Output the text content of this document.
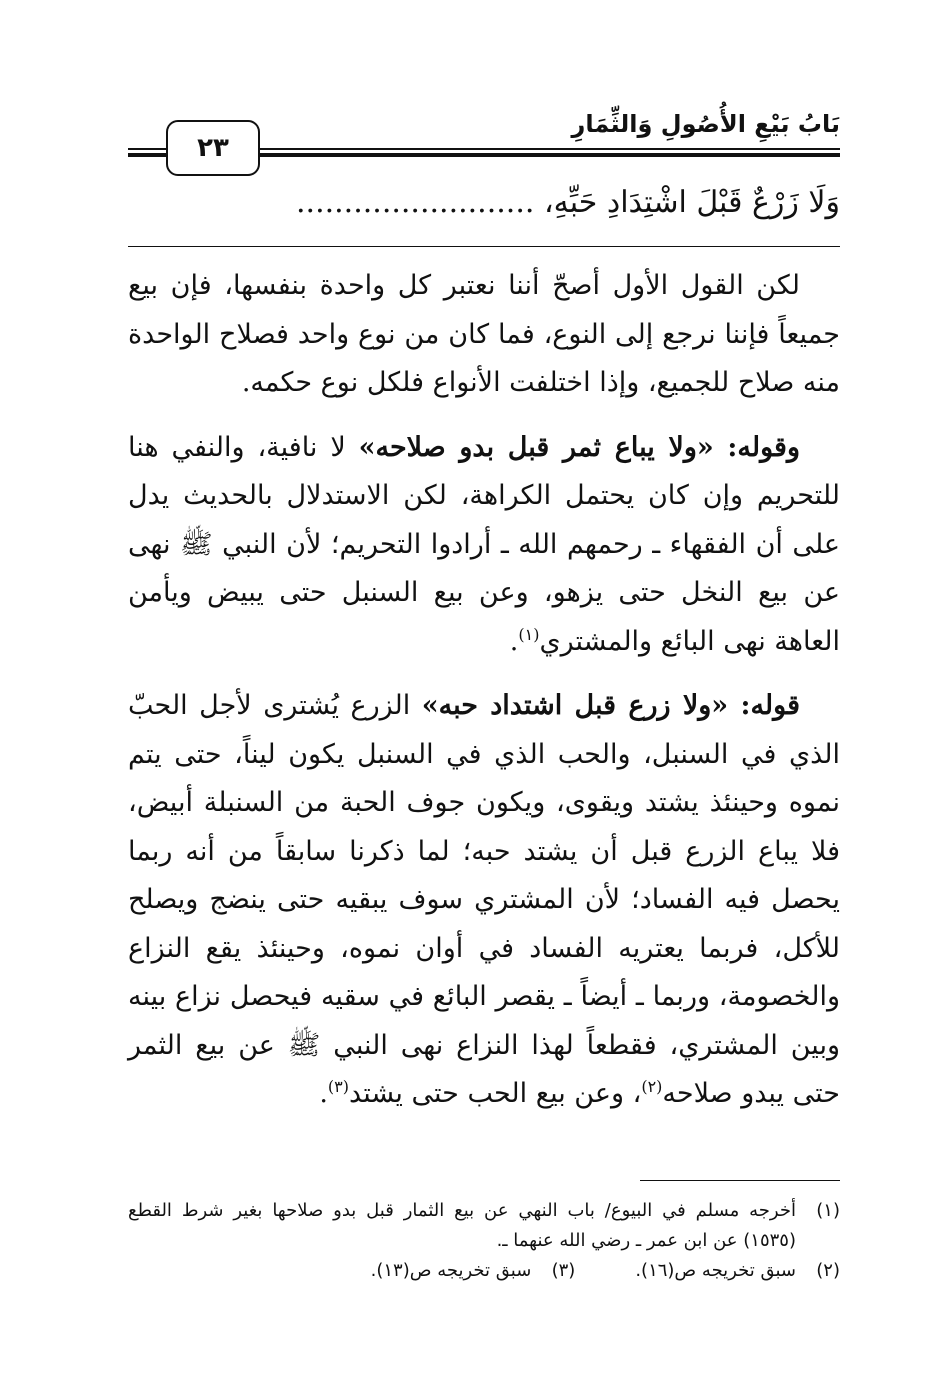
بَابُ بَيْعِ الأُصُولِ وَالثِّمَارِ
٢٣
وَلَا زَرْعٌ قَبْلَ اشْتِدَادِ حَبِّهِ، .........................

لكن القول الأول أصحّ أننا نعتبر كل واحدة بنفسها، فإن بيع جميعاً فإننا نرجع إلى النوع، فما كان من نوع واحد فصلاح الواحدة منه صلاح للجميع، وإذا اختلفت الأنواع فلكل نوع حكمه.

وقوله: «ولا يباع ثمر قبل بدو صلاحه» لا نافية، والنفي هنا للتحريم وإن كان يحتمل الكراهة، لكن الاستدلال بالحديث يدل على أن الفقهاء ـ رحمهم الله ـ أرادوا التحريم؛ لأن النبي ﷺ نهى عن بيع النخل حتى يزهو، وعن بيع السنبل حتى يبيض ويأمن العاهة نهى البائع والمشتري$^{(١)}$.

قوله: «ولا زرع قبل اشتداد حبه» الزرع يُشترى لأجل الحبّ الذي في السنبل، والحب الذي في السنبل يكون ليناً، حتى يتم نموه وحينئذ يشتد ويقوى، ويكون جوف الحبة من السنبلة أبيض، فلا يباع الزرع قبل أن يشتد حبه؛ لما ذكرنا سابقاً من أنه ربما يحصل فيه الفساد؛ لأن المشتري سوف يبقيه حتى ينضج ويصلح للأكل، فربما يعتريه الفساد في أوان نموه، وحينئذ يقع النزاع والخصومة، وربما ـ أيضاً ـ يقصر البائع في سقيه فيحصل نزاع بينه وبين المشتري، فقطعاً لهذا النزاع نهى النبي ﷺ عن بيع الثمر حتى يبدو صلاحه$^{(٢)}$، وعن بيع الحب حتى يشتد$^{(٣)}$.

(١)
أخرجه مسلم في البيوع/ باب النهي عن بيع الثمار قبل بدو صلاحها بغير شرط القطع (١٥٣٥) عن ابن عمر ـ رضي الله عنهما ـ.
(٢)
سبق تخريجه ص(١٦).
(٣)
سبق تخريجه ص(١٣).
